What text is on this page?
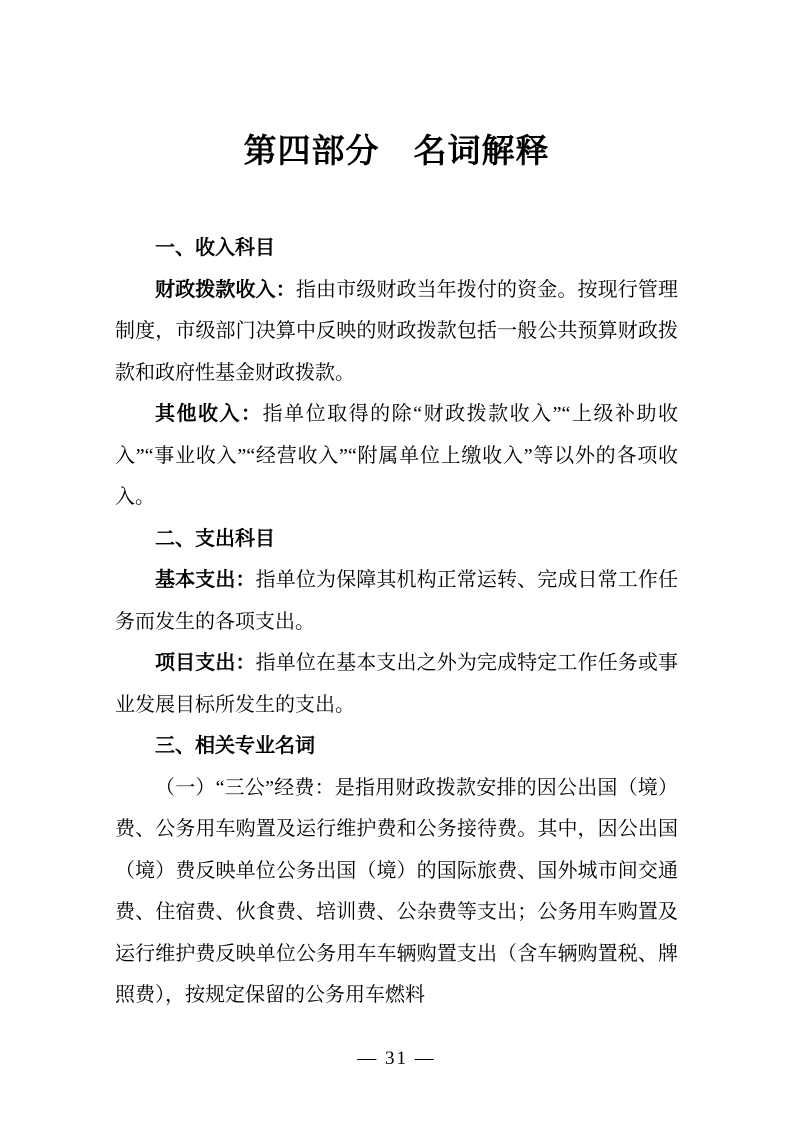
第四部分　名词解释
一、收入科目

财政拨款收入：指由市级财政当年拨付的资金。按现行管理制度，市级部门决算中反映的财政拨款包括一般公共预算财政拨款和政府性基金财政拨款。

其他收入：指单位取得的除“财政拨款收入”“上级补助收入”“事业收入”“经营收入”“附属单位上缴收入”等以外的各项收入。

二、支出科目

基本支出：指单位为保障其机构正常运转、完成日常工作任务而发生的各项支出。

项目支出：指单位在基本支出之外为完成特定工作任务或事业发展目标所发生的支出。

三、相关专业名词

（一）“三公”经费：是指用财政拨款安排的因公出国（境）费、公务用车购置及运行维护费和公务接待费。其中，因公出国（境）费反映单位公务出国（境）的国际旅费、国外城市间交通费、住宿费、伙食费、培训费、公杂费等支出；公务用车购置及运行维护费反映单位公务用车车辆购置支出（含车辆购置税、牌照费），按规定保留的公务用车燃料

— 31 —
